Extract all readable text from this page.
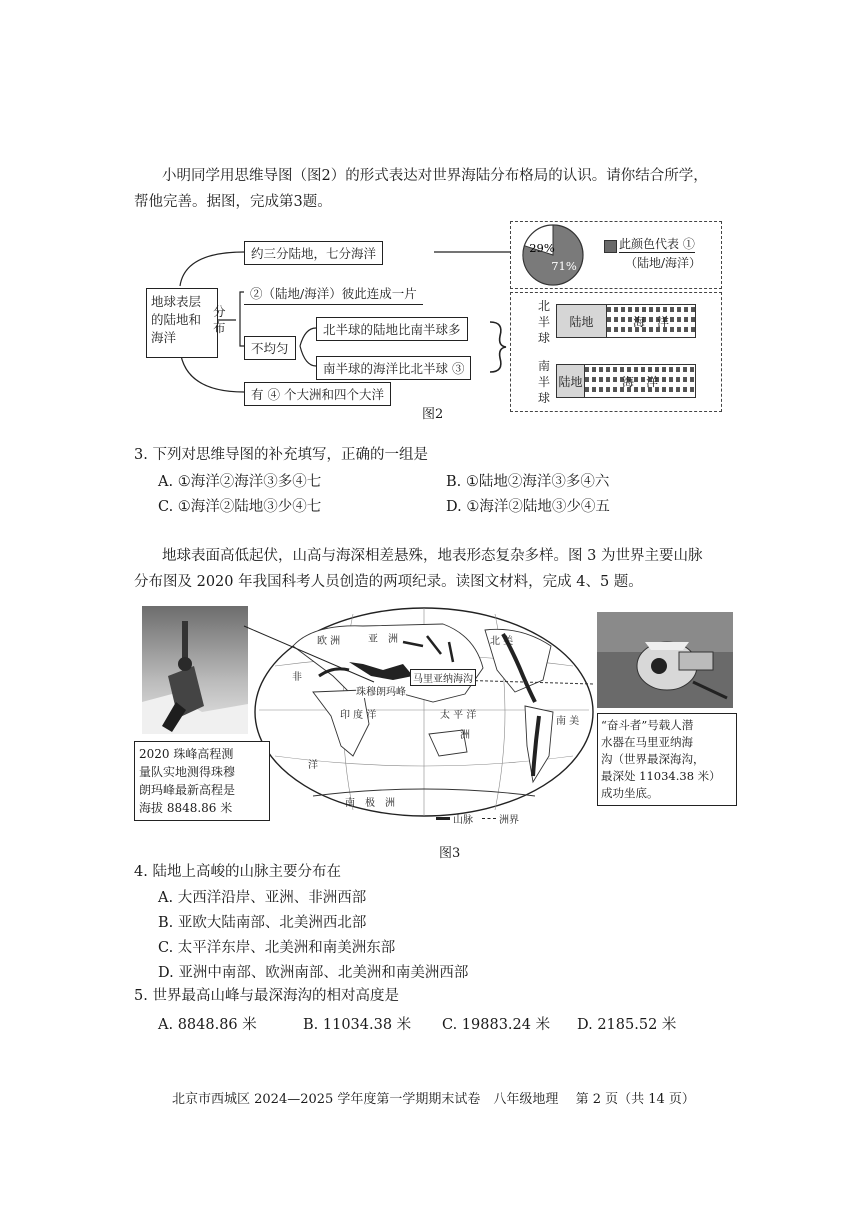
小明同学用思维导图（图2）的形式表达对世界海陆分布格局的认识。请你结合所学，
帮他完善。据图，完成第3题。
地球表层
的陆地和
海洋
分
布
约三分陆地，七分海洋
②（陆地/海洋）彼此连成一片
不均匀
北半球的陆地比南半球多
南半球的海洋比北半球 ③
有 ④ 个大洲和四个大洋
29%
71%
此颜色代表 ①
（陆地/海洋）
北
半
球
南
半
球
陆地	海　洋
陆地	海　洋
图2
3. 下列对思维导图的补充填写，正确的一组是
A. ①海洋②海洋③多④七	B. ①陆地②海洋③多④六
C. ①海洋②陆地③少④七	D. ①海洋②陆地③少④五
地球表面高低起伏，山高与海深相差悬殊，地表形态复杂多样。图 3 为世界主要山脉
分布图及 2020 年我国科考人员创造的两项纪录。读图文材料，完成 4、5 题。
马里亚纳海沟
珠穆朗玛峰
欧 洲	亚　洲	北 美
非
印 度 洋
洲
太 平 洋
南 美
南　极　洲
洋
2020 珠峰高程测
量队实地测得珠穆
朗玛峰最新高程是
海拔 8848.86 米
“奋斗者”号载人潜
水器在马里亚纳海
沟（世界最深海沟，
最深处 11034.38 米）
成功坐底。
山脉	洲界
图3
4. 陆地上高峻的山脉主要分布在
A. 大西洋沿岸、亚洲、非洲西部
B. 亚欧大陆南部、北美洲西北部
C. 太平洋东岸、北美洲和南美洲东部
D. 亚洲中南部、欧洲南部、北美洲和南美洲西部
5. 世界最高山峰与最深海沟的相对高度是
A. 8848.86 米	B. 11034.38 米 C. 19883.24 米 D. 2185.52 米
北京市西城区 2024—2025 学年度第一学期期末试卷　八年级地理　 第 2 页（共 14 页）
